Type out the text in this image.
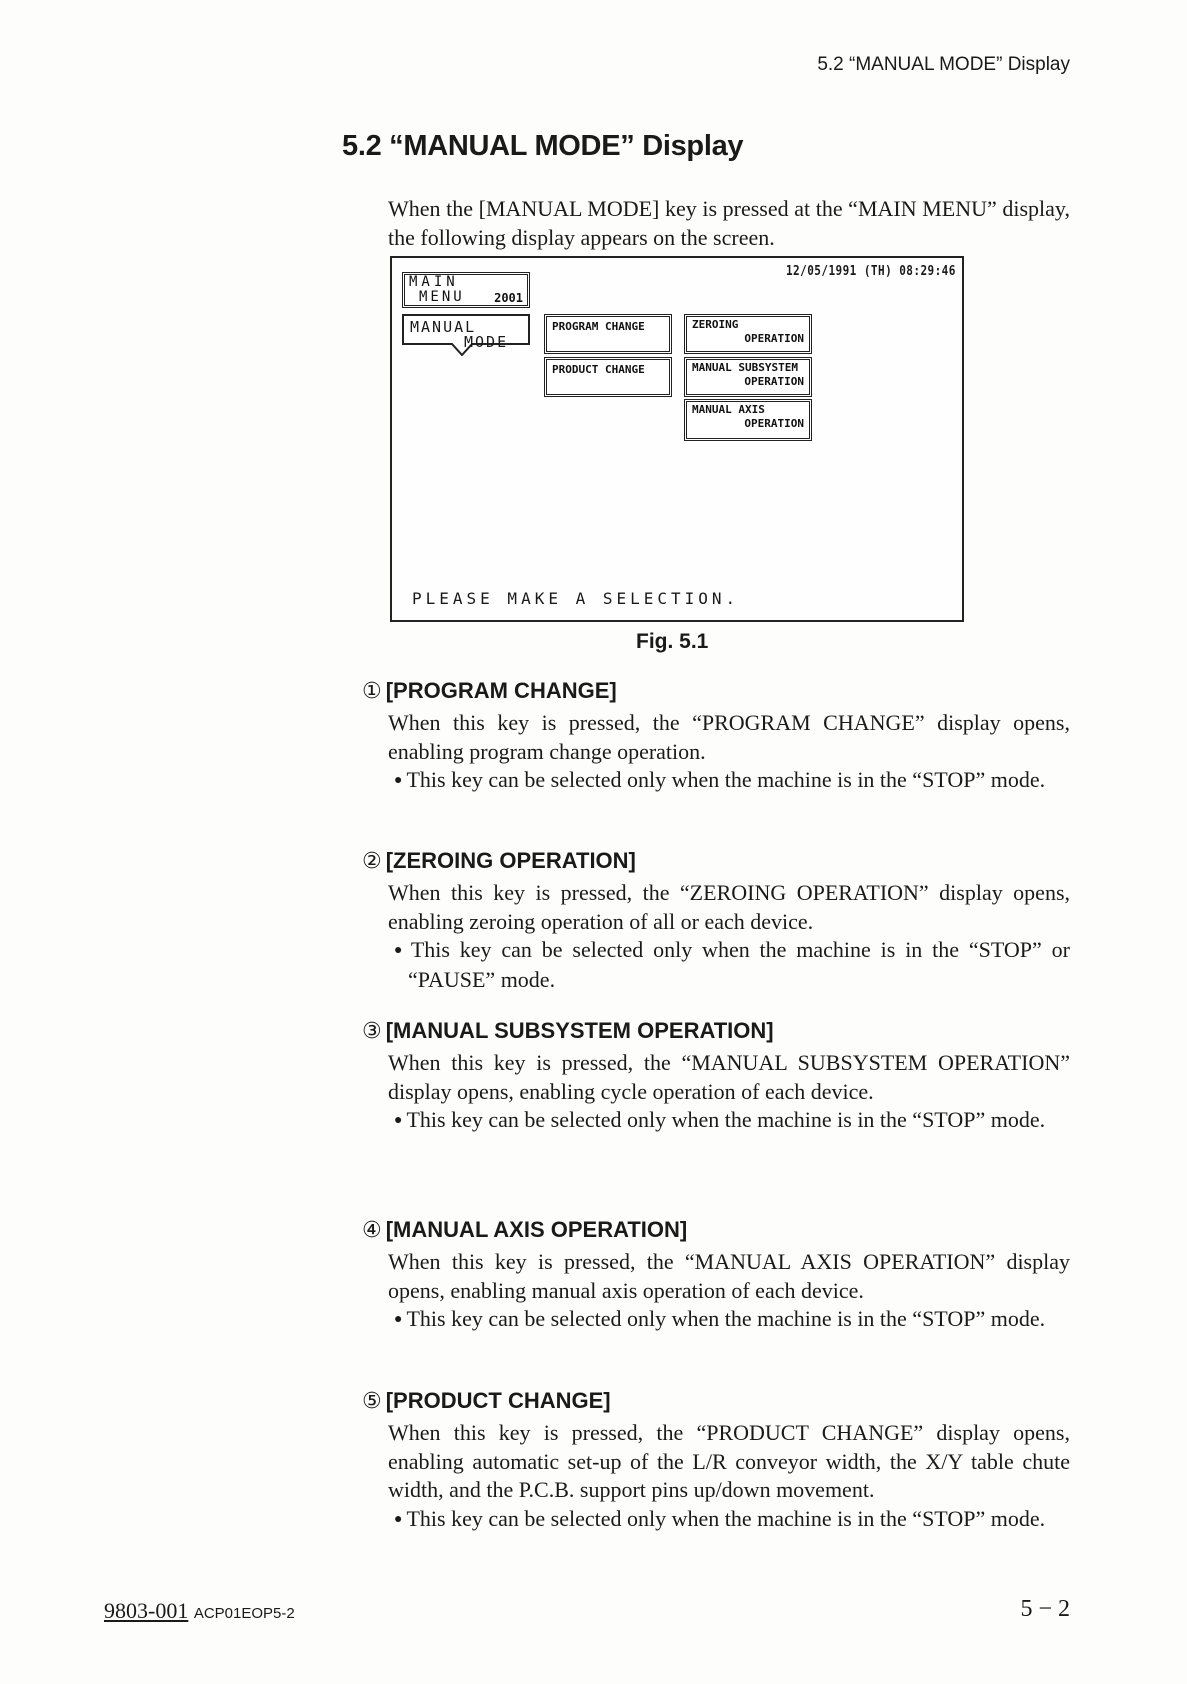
5.2 “MANUAL MODE” Display
5.2 “MANUAL MODE” Display
When the [MANUAL MODE] key is pressed at the “MAIN MENU” display, the following display appears on the screen.
12/05/1991 (TH) 08:29:46
MAIN
MENU 2001
MANUAL
MODE
PROGRAM CHANGE
PRODUCT CHANGE
ZEROING
OPERATION
MANUAL SUBSYSTEM
OPERATION
MANUAL AXIS
OPERATION
PLEASE MAKE A SELECTION.
Fig. 5.1
① [PROGRAM CHANGE]

When this key is pressed, the “PROGRAM CHANGE” display opens, enabling program change operation.

● This key can be selected only when the machine is in the “STOP” mode.

② [ZEROING OPERATION]

When this key is pressed, the “ZEROING OPERATION” display opens, enabling zeroing operation of all or each device.

● This key can be selected only when the machine is in the “STOP” or “PAUSE” mode.

③ [MANUAL SUBSYSTEM OPERATION]

When this key is pressed, the “MANUAL SUBSYSTEM OPERATION” display opens, enabling cycle operation of each device.

● This key can be selected only when the machine is in the “STOP” mode.

④ [MANUAL AXIS OPERATION]

When this key is pressed, the “MANUAL AXIS OPERATION” display opens, enabling manual axis operation of each device.

● This key can be selected only when the machine is in the “STOP” mode.

⑤ [PRODUCT CHANGE]

When this key is pressed, the “PRODUCT CHANGE” display opens, enabling automatic set-up of the L/R conveyor width, the X/Y table chute width, and the P.C.B. support pins up/down movement.

● This key can be selected only when the machine is in the “STOP” mode.

9803-001 ACP01EOP5-2	5 − 2
